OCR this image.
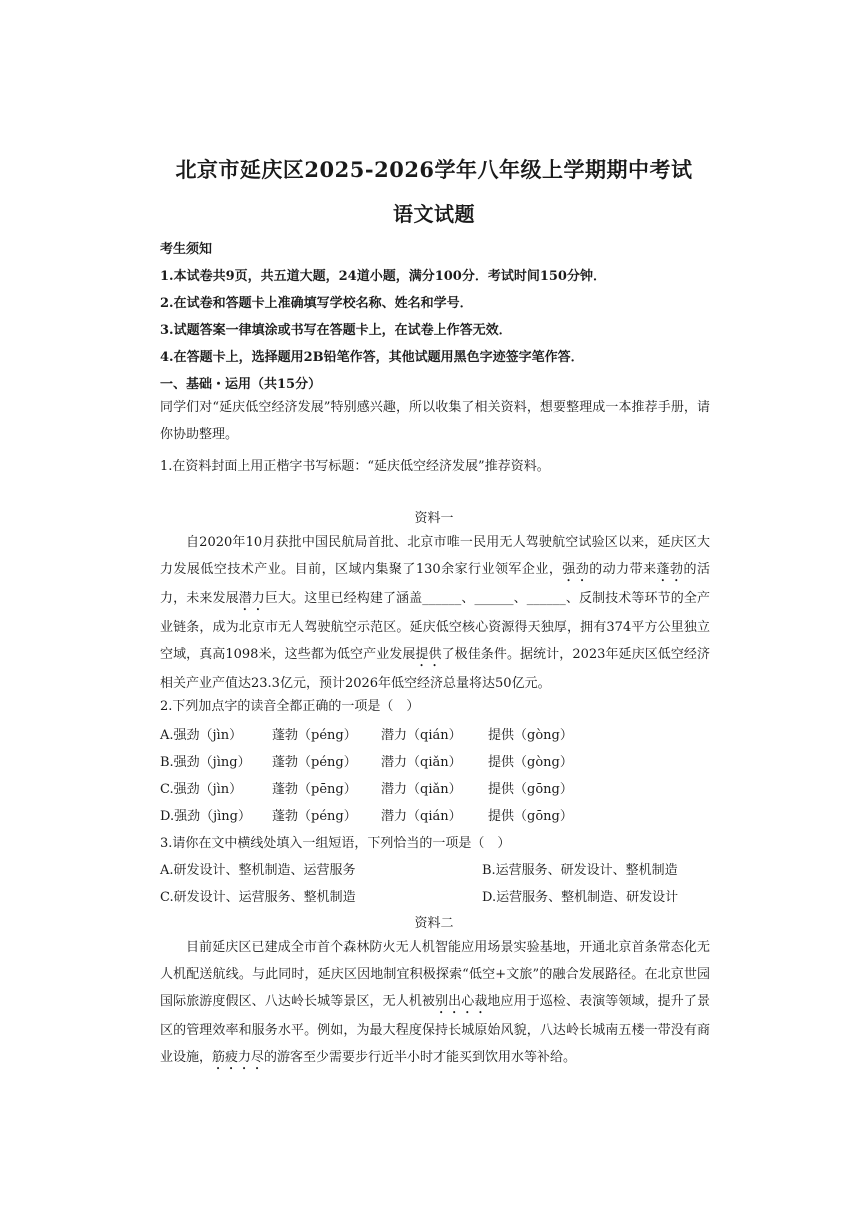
北京市延庆区2025-2026学年八年级上学期期中考试
语文试题
考生须知
1.本试卷共9页，共五道大题，24道小题，满分100分．考试时间150分钟．
2.在试卷和答题卡上准确填写学校名称、姓名和学号．
3.试题答案一律填涂或书写在答题卡上，在试卷上作答无效．
4.在答题卡上，选择题用2B铅笔作答，其他试题用黑色字迹签字笔作答．
一、基础・运用（共15分）
同学们对“延庆低空经济发展”特别感兴趣，所以收集了相关资料，想要整理成一本推荐手册，请你协助整理。
1.在资料封面上用正楷字书写标题：“延庆低空经济发展”推荐资料。
资料一
自2020年10月获批中国民航局首批、北京市唯一民用无人驾驶航空试验区以来，延庆区大力发展低空技术产业。目前，区域内集聚了130余家行业领军企业，强劲的动力带来蓬勃的活力，未来发展潜力巨大。这里已经构建了涵盖______、______、______、反制技术等环节的全产业链条，成为北京市无人驾驶航空示范区。延庆低空核心资源得天独厚，拥有374平方公里独立空域，真高1098米，这些都为低空产业发展提供了极佳条件。据统计，2023年延庆区低空经济相关产业产值达23.3亿元，预计2026年低空经济总量将达50亿元。
2.下列加点字的读音全都正确的一项是（　）
A.强劲（jìn） 蓬勃（péng） 潜力（qián） 提供（gòng）
B.强劲（jìng） 蓬勃（péng） 潜力（qiǎn） 提供（gòng）
C.强劲（jìn） 蓬勃（pēng） 潜力（qiǎn） 提供（gōng）
D.强劲（jìng） 蓬勃（péng） 潜力（qián） 提供（gōng）
3.请你在文中横线处填入一组短语，下列恰当的一项是（　）
A.研发设计、整机制造、运营服务	B.运营服务、研发设计、整机制造
C.研发设计、运营服务、整机制造	D.运营服务、整机制造、研发设计
资料二
目前延庆区已建成全市首个森林防火无人机智能应用场景实验基地，开通北京首条常态化无人机配送航线。与此同时，延庆区因地制宜积极探索“低空+文旅”的融合发展路径。在北京世园国际旅游度假区、八达岭长城等景区，无人机被别出心裁地应用于巡检、表演等领域，提升了景区的管理效率和服务水平。例如，为最大程度保持长城原始风貌，八达岭长城南五楼一带没有商业设施，筋疲力尽的游客至少需要步行近半小时才能买到饮用水等补给。
